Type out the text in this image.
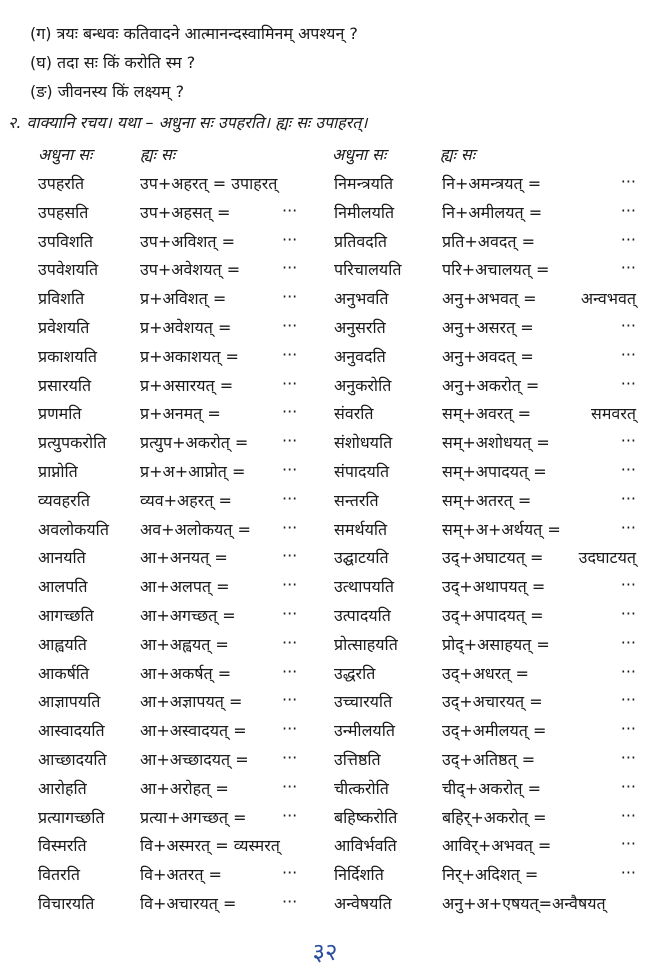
(ग) त्रयः बन्धवः कतिवादने आत्मानन्दस्वामिनम् अपश्यन् ?
(घ) तदा सः किं करोति स्म ?
(ङ) जीवनस्य किं लक्ष्यम् ?
२. वाक्यानि रचय। यथा – अधुना सः उपहरति। ह्यः सः उपाहरत्।
अधुना सः	ह्यः सः	अधुना सः	ह्यः सः
उपहरति	उप+अहरत् = उपाहरत्	निमन्त्रयति	नि+अमन्त्रयत् =	···
उपहसति	उप+अहसत् =	··· निमीलयति	नि+अमीलयत् =	···
उपविशति	उप+अविशत् =	··· प्रतिवदति	प्रति+अवदत् =	···
उपवेशयति	उप+अवेशयत् =	··· परिचालयति	परि+अचालयत् =	···
प्रविशति	प्र+अविशत् =	··· अनुभवति	अनु+अभवत् =	अन्वभवत्
प्रवेशयति	प्र+अवेशयत् =	··· अनुसरति	अनु+असरत् =	···
प्रकाशयति	प्र+अकाशयत् =	··· अनुवदति	अनु+अवदत् =	···
प्रसारयति	प्र+असारयत् =	··· अनुकरोति	अनु+अकरोत् =	···
प्रणमति	प्र+अनमत् =	··· संवरति	सम्+अवरत् =	समवरत्
प्रत्युपकरोति प्रत्युप+अकरोत् = ··· संशोधयति	सम्+अशोधयत् =	···
प्राप्नोति	प्र+अ+आप्नोत् = ··· संपादयति	सम्+अपादयत् =	···
व्यवहरति	व्यव+अहरत् =	··· सन्तरति	सम्+अतरत् =	···
अवलोकयति अव+अलोकयत् = ··· समर्थयति	सम्+अ+अर्थयत् =	···
आनयति	आ+अनयत् =	··· उद्घाटयति	उद्+अघाटयत् = उदघाटयत्
आलपति	आ+अलपत् =	··· उत्थापयति	उद्+अथापयत् =	···
आगच्छति	आ+अगच्छत् =	··· उत्पादयति	उद्+अपादयत् =	···
आह्वयति	आ+अह्वयत् =	··· प्रोत्साहयति	प्रोद्+असाहयत् =	···
आकर्षति	आ+अकर्षत् =	··· उद्धरति	उद्+अधरत् =	···
आज्ञापयति आ+अज्ञापयत् = ··· उच्चारयति	उद्+अचारयत् =	···
आस्वादयति आ+अस्वादयत् = ··· उन्मीलयति	उद्+अमीलयत् =	···
आच्छादयति आ+अच्छादयत् = ··· उत्तिष्ठति	उद्+अतिष्ठत् =	···
आरोहति	आ+अरोहत् =	··· चीत्करोति	चीद्+अकरोत् =	···
प्रत्यागच्छति प्रत्या+अगच्छत् = ··· बहिष्करोति	बहिर्+अकरोत् =	···
विस्मरति	वि+अस्मरत् = व्यस्मरत्	आविर्भवति	आविर्+अभवत् =	···
वितरति	वि+अतरत् =	··· निर्दिशति	निर्+अदिशत् =	···
विचारयति	वि+अचारयत् =	··· अन्वेषयति	अनु+अ+एषयत्=अन्वैषयत्
३२
